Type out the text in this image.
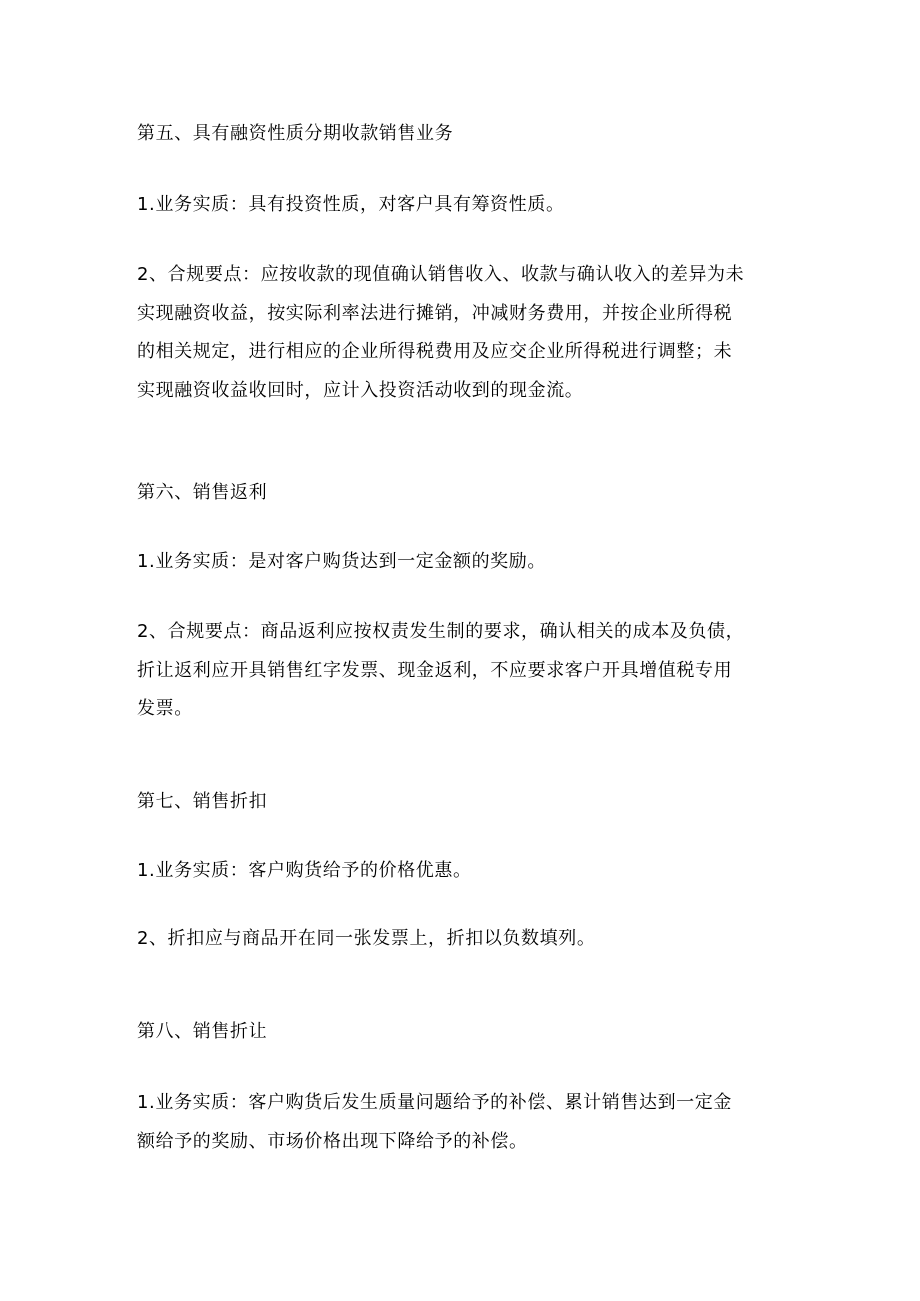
第五、具有融资性质分期收款销售业务

1.业务实质：具有投资性质，对客户具有筹资性质。

2、合规要点：应按收款的现值确认销售收入、收款与确认收入的差异为未
实现融资收益，按实际利率法进行摊销，冲减财务费用，并按企业所得税
的相关规定，进行相应的企业所得税费用及应交企业所得税进行调整；未
实现融资收益收回时，应计入投资活动收到的现金流。

第六、销售返利

1.业务实质：是对客户购货达到一定金额的奖励。

2、合规要点：商品返利应按权责发生制的要求，确认相关的成本及负债，
折让返利应开具销售红字发票、现金返利，不应要求客户开具增值税专用
发票。

第七、销售折扣

1.业务实质：客户购货给予的价格优惠。

2、折扣应与商品开在同一张发票上，折扣以负数填列。

第八、销售折让

1.业务实质：客户购货后发生质量问题给予的补偿、累计销售达到一定金
额给予的奖励、市场价格出现下降给予的补偿。
